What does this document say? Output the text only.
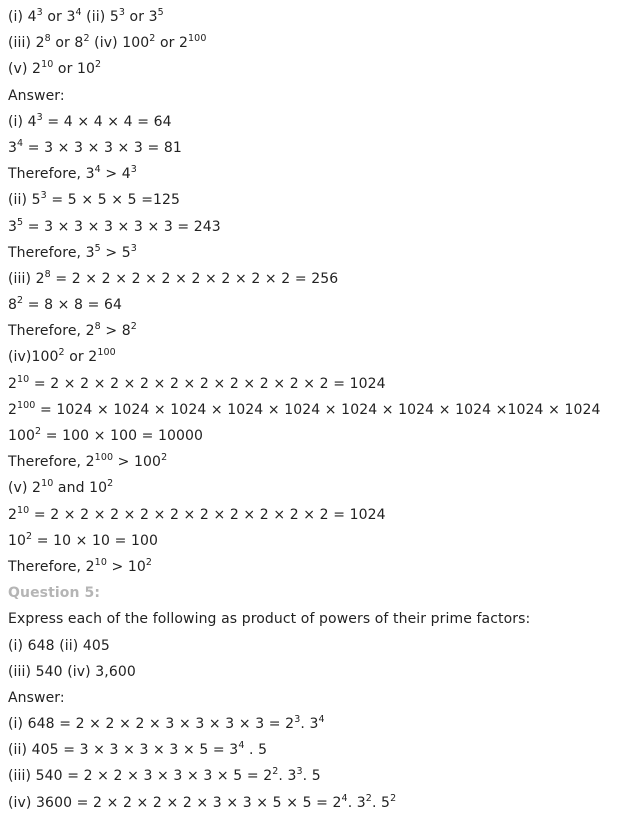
(i) $4^3$ or $3^4$ (ii) $5^3$ or $3^5$
(iii) $2^8$ or $8^2$ (iv) $100^2$ or $2^{100}$
(v) $2^{10}$ or $10^2$
Answer:
(i) $4^3 = 4 \times 4 \times 4 = 64$
$3^4 = 3 \times 3 \times 3 \times 3 = 81$
Therefore, $3^4 > 4^3$
(ii) $5^3 = 5 \times 5 \times 5 =125$
$3^5 = 3 \times 3 \times 3 \times 3 \times 3 = 243$
Therefore, $3^5 > 5^3$
(iii) $2^8 = 2 \times 2 \times 2 \times 2 \times 2 \times 2 \times 2 \times 2 = 256$
$8^2 = 8 \times 8 = 64$
Therefore, $2^8 > 8^2$
$(iv)100^2$ or $2^{100}$
$2^{10} = 2 \times 2 \times 2 \times 2 \times 2 \times 2 \times 2 \times 2 \times 2 \times 2 = 1024$
$2^{100} = 1024 \times 1024 \times 1024 \times 1024 \times 1024 \times 1024 \times 1024 \times 1024 \times 1024 \times 1024$
$100^2 = 100 \times 100 = 10000$
Therefore, $2^{100} > 100^2$
(v) $2^{10}$ and $10^2$
$2^{10} = 2 \times 2 \times 2 \times 2 \times 2 \times 2 \times 2 \times 2 \times 2 \times 2 = 1024$
$10^2 = 10 \times 10 = 100$
Therefore, $2^{10} > 10^2$
Question 5:
Express each of the following as product of powers of their prime factors:
(i) 648 (ii) 405
(iii) 540 (iv) 3,600
Answer:
(i) $648 = 2 \times 2 \times 2 \times 3 \times 3 \times 3 \times 3 = 2^3$. $3^4$
(ii) $405 = 3 \times 3 \times 3 \times 3 \times 5 = 3^4$ . 5
(iii) $540 = 2 \times 2 \times 3 \times 3 \times 3 \times 5 = 2^2$. $3^3$. 5
(iv) $3600 = 2 \times 2 \times 2 \times 2 \times 3 \times 3 \times 5 \times 5 = 2^4$. $3^2$. $5^2$
